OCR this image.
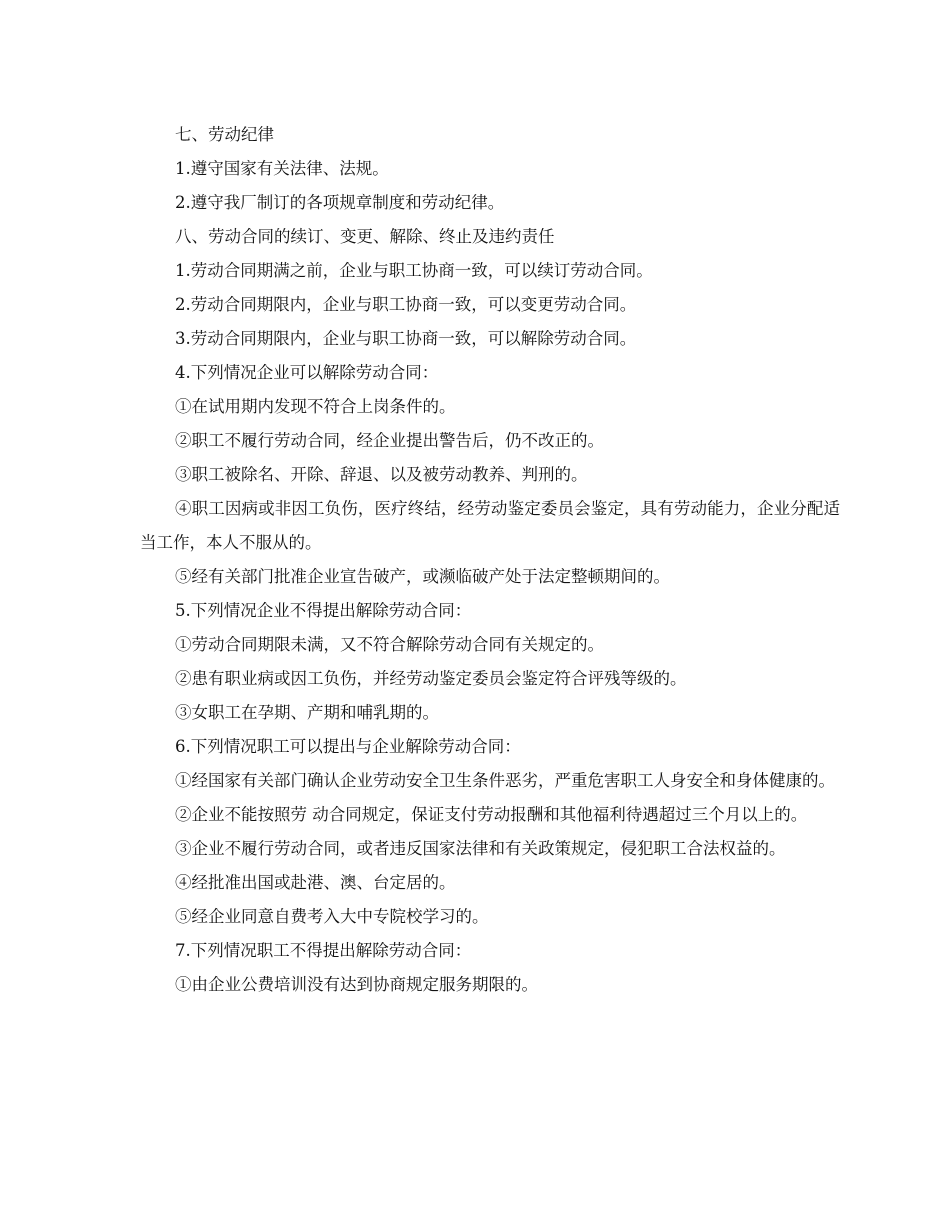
七、劳动纪律

1.遵守国家有关法律、法规。

2.遵守我厂制订的各项规章制度和劳动纪律。

八、劳动合同的续订、变更、解除、终止及违约责任

1.劳动合同期满之前，企业与职工协商一致，可以续订劳动合同。

2.劳动合同期限内，企业与职工协商一致，可以变更劳动合同。

3.劳动合同期限内，企业与职工协商一致，可以解除劳动合同。

4.下列情况企业可以解除劳动合同：

①在试用期内发现不符合上岗条件的。

②职工不履行劳动合同，经企业提出警告后，仍不改正的。

③职工被除名、开除、辞退、以及被劳动教养、判刑的。

④职工因病或非因工负伤，医疗终结，经劳动鉴定委员会鉴定，具有劳动能力，企业分配适当工作，本人不服从的。

⑤经有关部门批准企业宣告破产，或濒临破产处于法定整顿期间的。

5.下列情况企业不得提出解除劳动合同：

①劳动合同期限未满，又不符合解除劳动合同有关规定的。

②患有职业病或因工负伤，并经劳动鉴定委员会鉴定符合评残等级的。

③女职工在孕期、产期和哺乳期的。

6.下列情况职工可以提出与企业解除劳动合同：

①经国家有关部门确认企业劳动安全卫生条件恶劣，严重危害职工人身安全和身体健康的。

②企业不能按照劳 动合同规定，保证支付劳动报酬和其他福利待遇超过三个月以上的。

③企业不履行劳动合同，或者违反国家法律和有关政策规定，侵犯职工合法权益的。

④经批准出国或赴港、澳、台定居的。

⑤经企业同意自费考入大中专院校学习的。

7.下列情况职工不得提出解除劳动合同：

①由企业公费培训没有达到协商规定服务期限的。
